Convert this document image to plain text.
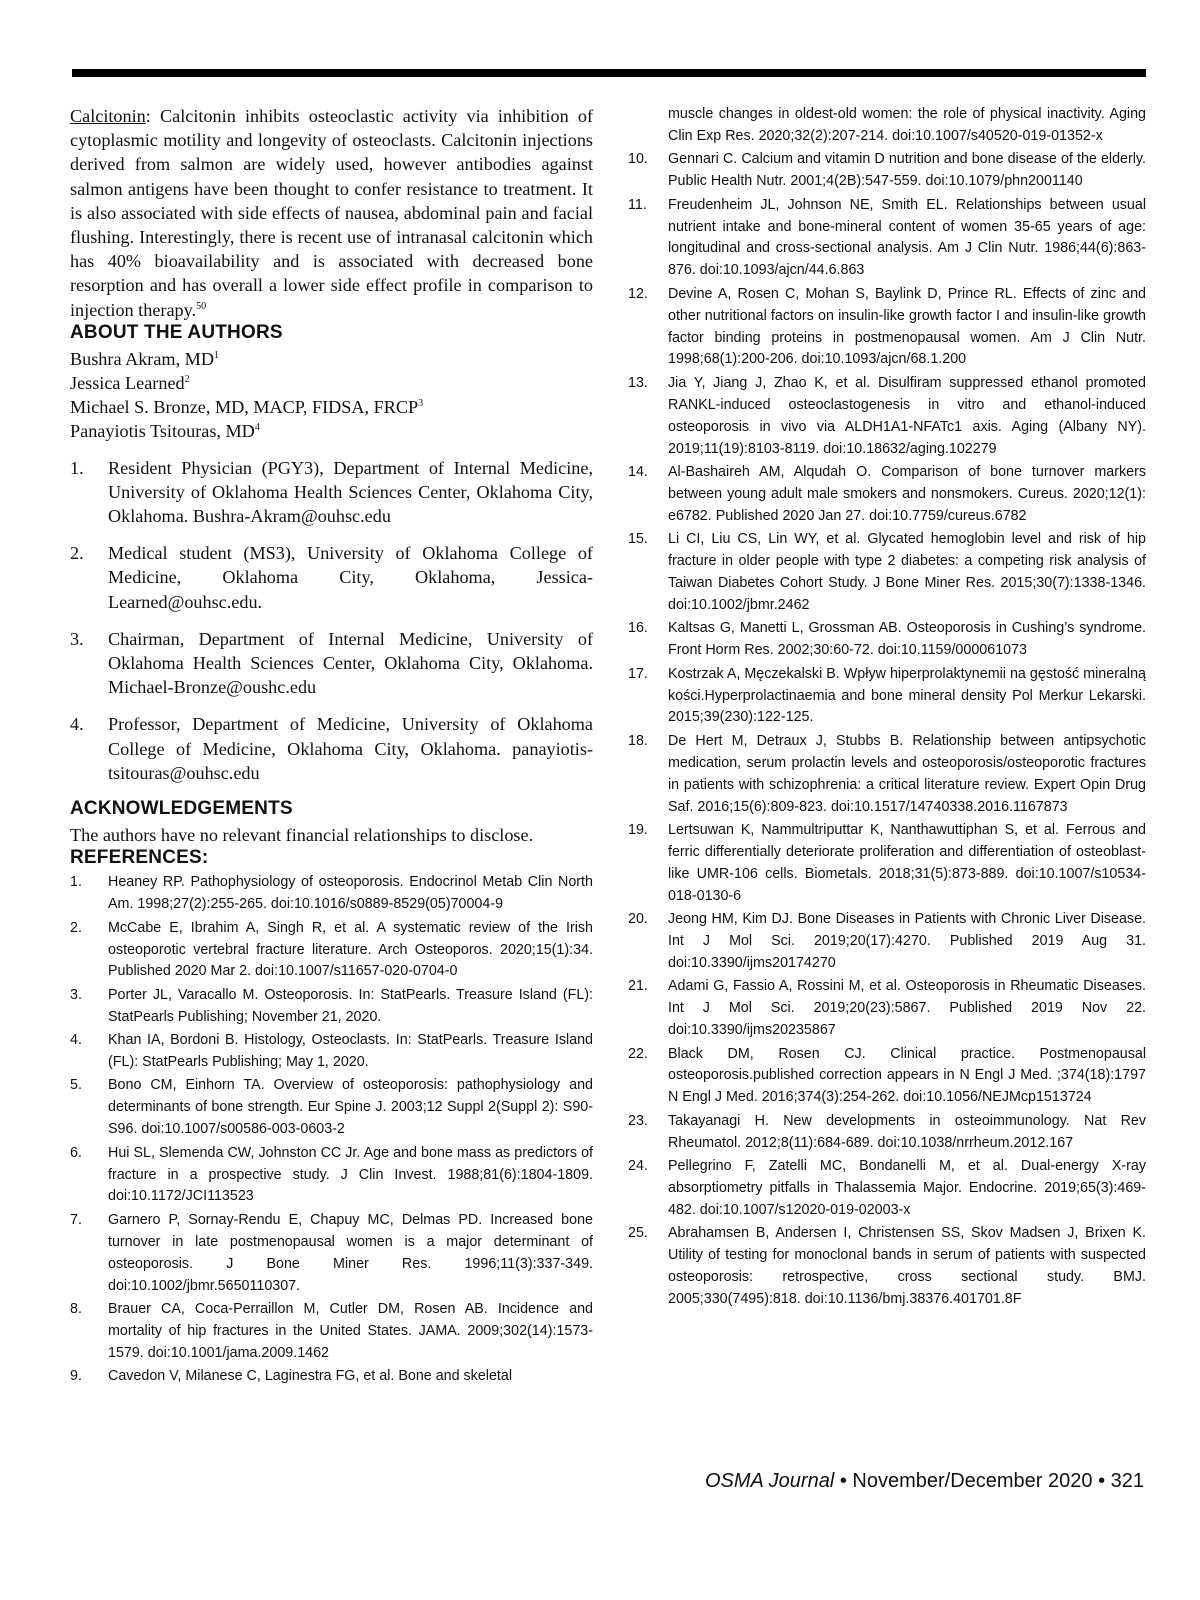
Calcitonin: Calcitonin inhibits osteoclastic activity via inhibition of cytoplasmic motility and longevity of osteoclasts. Calcitonin injections derived from salmon are widely used, however antibodies against salmon antigens have been thought to confer resistance to treatment. It is also associated with side effects of nausea, abdominal pain and facial flushing. Interestingly, there is recent use of intranasal calcitonin which has 40% bioavailability and is associated with decreased bone resorption and has overall a lower side effect profile in comparison to injection therapy.$^{50}$

ABOUT THE AUTHORS
Bushra Akram, $MD^1$
Jessica Learned$^2$
Michael S. Bronze, MD, MACP, FIDSA, FRCP$^3$
Panayiotis Tsitouras, $MD^4$
1. Resident Physician (PGY3), Department of Internal Medicine, University of Oklahoma Health Sciences Center, Oklahoma City, Oklahoma. Bushra-Akram@ouhsc.edu
2. Medical student (MS3), University of Oklahoma College of Medicine, Oklahoma City, Oklahoma, Jessica-Learned@ouhsc.edu.
3. Chairman, Department of Internal Medicine, University of Oklahoma Health Sciences Center, Oklahoma City, Oklahoma. Michael-Bronze@oushc.edu
4. Professor, Department of Medicine, University of Oklahoma College of Medicine, Oklahoma City, Oklahoma. panayiotis-tsitouras@ouhsc.edu
ACKNOWLEDGEMENTS
The authors have no relevant financial relationships to disclose.
REFERENCES:
1. Heaney RP. Pathophysiology of osteoporosis. Endocrinol Metab Clin North Am. 1998;27(2):255-265. doi:10.1016/s0889-8529(05)70004-9
2. McCabe E, Ibrahim A, Singh R, et al. A systematic review of the Irish osteoporotic vertebral fracture literature. Arch Osteoporos. 2020;15(1):34. Published 2020 Mar 2. doi:10.1007/s11657-020-0704-0
3. Porter JL, Varacallo M. Osteoporosis. In: StatPearls. Treasure Island (FL): StatPearls Publishing; November 21, 2020.
4. Khan IA, Bordoni B. Histology, Osteoclasts. In: StatPearls. Treasure Island (FL): StatPearls Publishing; May 1, 2020.
5. Bono CM, Einhorn TA. Overview of osteoporosis: pathophysiology and determinants of bone strength. Eur Spine J. 2003;12 Suppl 2(Suppl 2): S90-S96. doi:10.1007/s00586-003-0603-2
6. Hui SL, Slemenda CW, Johnston CC Jr. Age and bone mass as predictors of fracture in a prospective study. J Clin Invest. 1988;81(6):1804-1809. doi:10.1172/JCI113523
7. Garnero P, Sornay-Rendu E, Chapuy MC, Delmas PD. Increased bone turnover in late postmenopausal women is a major determinant of osteoporosis. J Bone Miner Res. 1996;11(3):337-349. doi:10.1002/jbmr.5650110307.
8. Brauer CA, Coca-Perraillon M, Cutler DM, Rosen AB. Incidence and mortality of hip fractures in the United States. JAMA. 2009;302(14):1573-1579. doi:10.1001/jama.2009.1462
9. Cavedon V, Milanese C, Laginestra FG, et al. Bone and skeletal
muscle changes in oldest-old women: the role of physical inactivity. Aging Clin Exp Res. 2020;32(2):207-214. doi:10.1007/s40520-019-01352-x
10. Gennari C. Calcium and vitamin D nutrition and bone disease of the elderly. Public Health Nutr. 2001;4(2B):547-559. doi:10.1079/phn2001140
11. Freudenheim JL, Johnson NE, Smith EL. Relationships between usual nutrient intake and bone-mineral content of women 35-65 years of age: longitudinal and cross-sectional analysis. Am J Clin Nutr. 1986;44(6):863-876. doi:10.1093/ajcn/44.6.863
12. Devine A, Rosen C, Mohan S, Baylink D, Prince RL. Effects of zinc and other nutritional factors on insulin-like growth factor I and insulin-like growth factor binding proteins in postmenopausal women. Am J Clin Nutr. 1998;68(1):200-206. doi:10.1093/ajcn/68.1.200
13. Jia Y, Jiang J, Zhao K, et al. Disulfiram suppressed ethanol promoted RANKL-induced osteoclastogenesis in vitro and ethanol-induced osteoporosis in vivo via ALDH1A1-NFATc1 axis. Aging (Albany NY). 2019;11(19):8103-8119. doi:10.18632/aging.102279
14. Al-Bashaireh AM, Alqudah O. Comparison of bone turnover markers between young adult male smokers and nonsmokers. Cureus. 2020;12(1): e6782. Published 2020 Jan 27. doi:10.7759/cureus.6782
15. Li CI, Liu CS, Lin WY, et al. Glycated hemoglobin level and risk of hip fracture in older people with type 2 diabetes: a competing risk analysis of Taiwan Diabetes Cohort Study. J Bone Miner Res. 2015;30(7):1338-1346. doi:10.1002/jbmr.2462
16. Kaltsas G, Manetti L, Grossman AB. Osteoporosis in Cushing’s syndrome. Front Horm Res. 2002;30:60-72. doi:10.1159/000061073
17. Kostrzak A, Męczekalski B. Wpływ hiperprolaktynemii na gęstość mineralną kości.Hyperprolactinaemia and bone mineral density Pol Merkur Lekarski. 2015;39(230):122-125.
18. De Hert M, Detraux J, Stubbs B. Relationship between antipsychotic medication, serum prolactin levels and osteoporosis/osteoporotic fractures in patients with schizophrenia: a critical literature review. Expert Opin Drug Saf. 2016;15(6):809-823. doi:10.1517/14740338.2016.1167873
19. Lertsuwan K, Nammultriputtar K, Nanthawuttiphan S, et al. Ferrous and ferric differentially deteriorate proliferation and differentiation of osteoblast-like UMR-106 cells. Biometals. 2018;31(5):873-889. doi:10.1007/s10534-018-0130-6
20. Jeong HM, Kim DJ. Bone Diseases in Patients with Chronic Liver Disease. Int J Mol Sci. 2019;20(17):4270. Published 2019 Aug 31. doi:10.3390/ijms20174270
21. Adami G, Fassio A, Rossini M, et al. Osteoporosis in Rheumatic Diseases. Int J Mol Sci. 2019;20(23):5867. Published 2019 Nov 22. doi:10.3390/ijms20235867
22. Black DM, Rosen CJ. Clinical practice. Postmenopausal osteoporosis.published correction appears in N Engl J Med. ;374(18):1797 N Engl J Med. 2016;374(3):254-262. doi:10.1056/NEJMcp1513724
23. Takayanagi H. New developments in osteoimmunology. Nat Rev Rheumatol. 2012;8(11):684-689. doi:10.1038/nrrheum.2012.167
24. Pellegrino F, Zatelli MC, Bondanelli M, et al. Dual-energy X-ray absorptiometry pitfalls in Thalassemia Major. Endocrine. 2019;65(3):469-482. doi:10.1007/s12020-019-02003-x
25. Abrahamsen B, Andersen I, Christensen SS, Skov Madsen J, Brixen K. Utility of testing for monoclonal bands in serum of patients with suspected osteoporosis: retrospective, cross sectional study. BMJ. 2005;330(7495):818. doi:10.1136/bmj.38376.401701.8F
OSMA Journal • November/December 2020 • 321
